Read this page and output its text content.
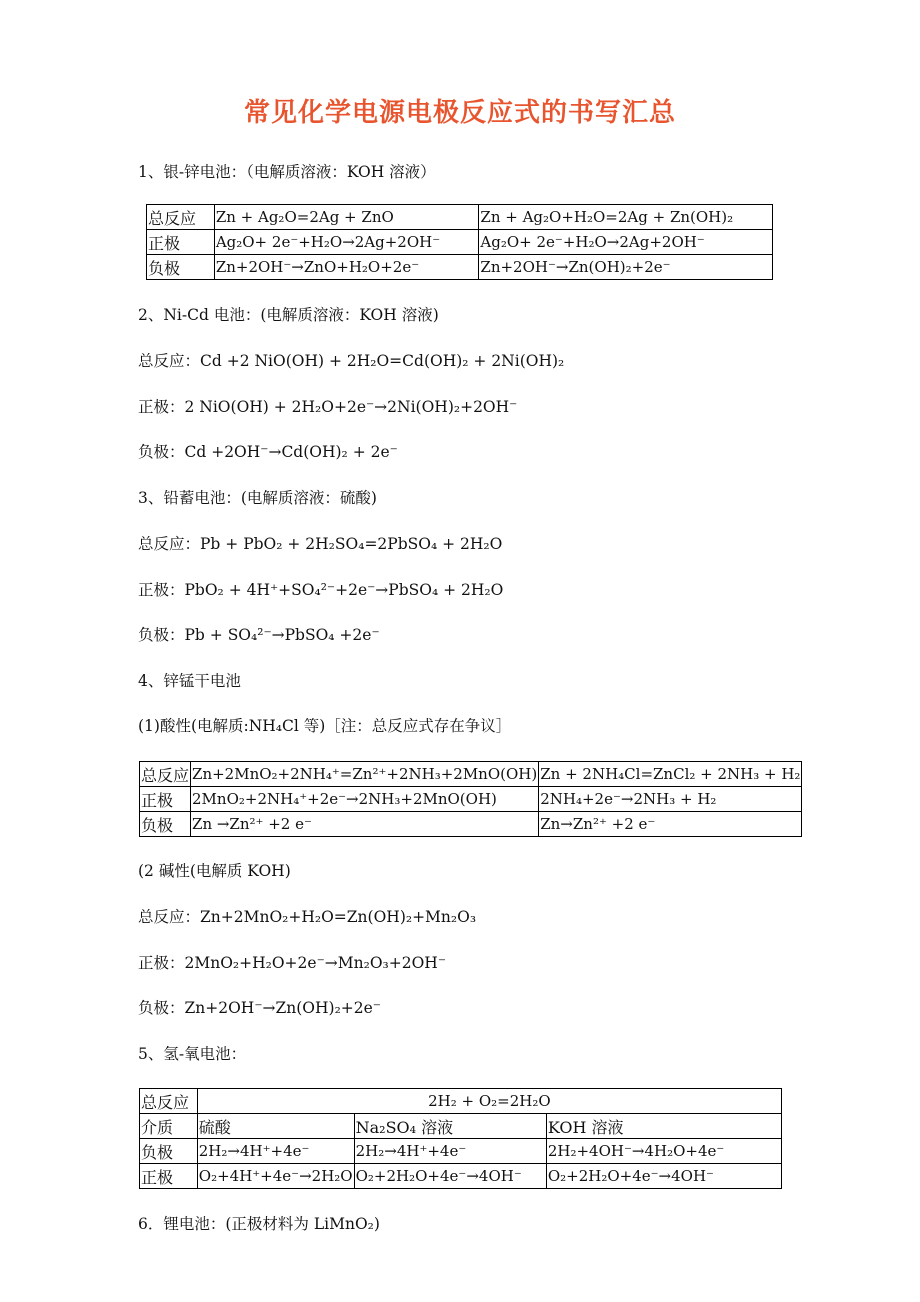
常见化学电源电极反应式的书写汇总
1、银-锌电池：（电解质溶液：KOH 溶液）
总反应	Zn + Ag₂O=2Ag + ZnO	Zn + Ag₂O+H₂O=2Ag + Zn(OH)₂
正极	Ag₂O+ 2e⁻+H₂O→2Ag+2OH⁻	Ag₂O+ 2e⁻+H₂O→2Ag+2OH⁻
负极	Zn+2OH⁻→ZnO+H₂O+2e⁻	Zn+2OH⁻→Zn(OH)₂+2e⁻
2、Ni-Cd 电池：(电解质溶液：KOH 溶液)
总反应：Cd +2 NiO(OH) + 2H₂O=Cd(OH)₂ + 2Ni(OH)₂
正极：2 NiO(OH) + 2H₂O+2e⁻→2Ni(OH)₂+2OH⁻
负极：Cd +2OH⁻→Cd(OH)₂ + 2e⁻
3、铅蓄电池：(电解质溶液：硫酸)
总反应：Pb + PbO₂ + 2H₂SO₄=2PbSO₄ + 2H₂O
正极：PbO₂ + 4H⁺+SO₄²⁻+2e⁻→PbSO₄ + 2H₂O
负极：Pb + SO₄²⁻→PbSO₄ +2e⁻
4、锌锰干电池
(1)酸性(电解质:NH₄Cl 等)［注：总反应式存在争议］
总反应	Zn+2MnO₂+2NH₄⁺=Zn²⁺+2NH₃+2MnO(OH)	Zn + 2NH₄Cl=ZnCl₂ + 2NH₃ + H₂
正极	2MnO₂+2NH₄⁺+2e⁻→2NH₃+2MnO(OH)	2NH₄+2e⁻→2NH₃ + H₂
负极	Zn →Zn²⁺ +2 e⁻	Zn→Zn²⁺ +2 e⁻
(2 碱性(电解质 KOH)
总反应：Zn+2MnO₂+H₂O=Zn(OH)₂+Mn₂O₃
正极：2MnO₂+H₂O+2e⁻→Mn₂O₃+2OH⁻
负极：Zn+2OH⁻→Zn(OH)₂+2e⁻
5、氢-氧电池：
总反应	2H₂ + O₂=2H₂O		
介质	硫酸	Na₂SO₄ 溶液	KOH 溶液
负极	2H₂→4H⁺+4e⁻	2H₂→4H⁺+4e⁻	2H₂+4OH⁻→4H₂O+4e⁻
正极	O₂+4H⁺+4e⁻→2H₂O	O₂+2H₂O+4e⁻→4OH⁻	O₂+2H₂O+4e⁻→4OH⁻
6．锂电池：(正极材料为 LiMnO₂)
